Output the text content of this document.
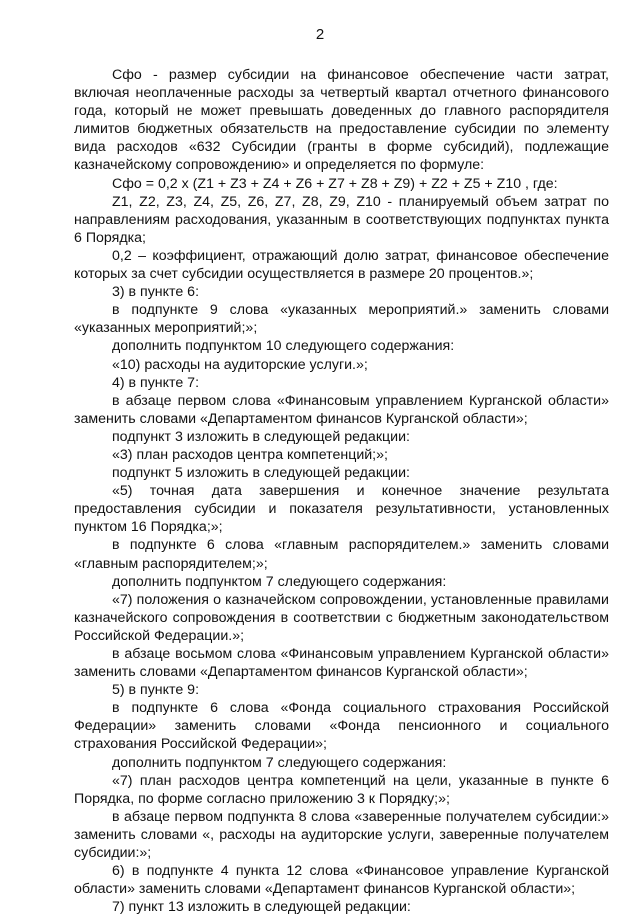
2

Сфо - размер субсидии на финансовое обеспечение части затрат, включая неоплаченные расходы за четвертый квартал отчетного финансового года, который не может превышать доведенных до главного распорядителя лимитов бюджетных обязательств на предоставление субсидии по элементу вида расходов «632 Субсидии (гранты в форме субсидий), подлежащие казначейскому сопровождению» и определяется по формуле:

Сфо = 0,2 х (Z1 + Z3 + Z4 + Z6 + Z7 + Z8 + Z9) + Z2 + Z5 + Z10 , где:

Z1, Z2, Z3, Z4, Z5, Z6, Z7, Z8, Z9, Z10 - планируемый объем затрат по направлениям расходования, указанным в соответствующих подпунктах пункта 6 Порядка;

0,2 – коэффициент, отражающий долю затрат, финансовое обеспечение которых за счет субсидии осуществляется в размере 20 процентов.»;

3) в пункте 6:

в подпункте 9 слова «указанных мероприятий.» заменить словами «указанных мероприятий;»;

дополнить подпунктом 10 следующего содержания:

«10) расходы на аудиторские услуги.»;

4) в пункте 7:

в абзаце первом слова «Финансовым управлением Курганской области» заменить словами «Департаментом финансов Курганской области»;

подпункт 3 изложить в следующей редакции:

«3) план расходов центра компетенций;»;

подпункт 5 изложить в следующей редакции:

«5) точная дата завершения и конечное значение результата предоставления субсидии и показателя результативности, установленных пунктом 16 Порядка;»;

в подпункте 6 слова «главным распорядителем.» заменить словами «главным распорядителем;»;

дополнить подпунктом 7 следующего содержания:

«7) положения о казначейском сопровождении, установленные правилами казначейского сопровождения в соответствии с бюджетным законодательством Российской Федерации.»;

в абзаце восьмом слова «Финансовым управлением Курганской области» заменить словами «Департаментом финансов Курганской области»;

5) в пункте 9:

в подпункте 6 слова «Фонда социального страхования Российской Федерации» заменить словами «Фонда пенсионного и социального страхования Российской Федерации»;

дополнить подпунктом 7 следующего содержания:

«7) план расходов центра компетенций на цели, указанные в пункте 6 Порядка, по форме согласно приложению 3 к Порядку;»;

в абзаце первом подпункта 8 слова «заверенные получателем субсидии:» заменить словами «, расходы на аудиторские услуги, заверенные получателем субсидии:»;

6) в подпункте 4 пункта 12 слова «Финансовое управление Курганской области» заменить словами «Департамент финансов Курганской области»;

7) пункт 13 изложить в следующей редакции:
